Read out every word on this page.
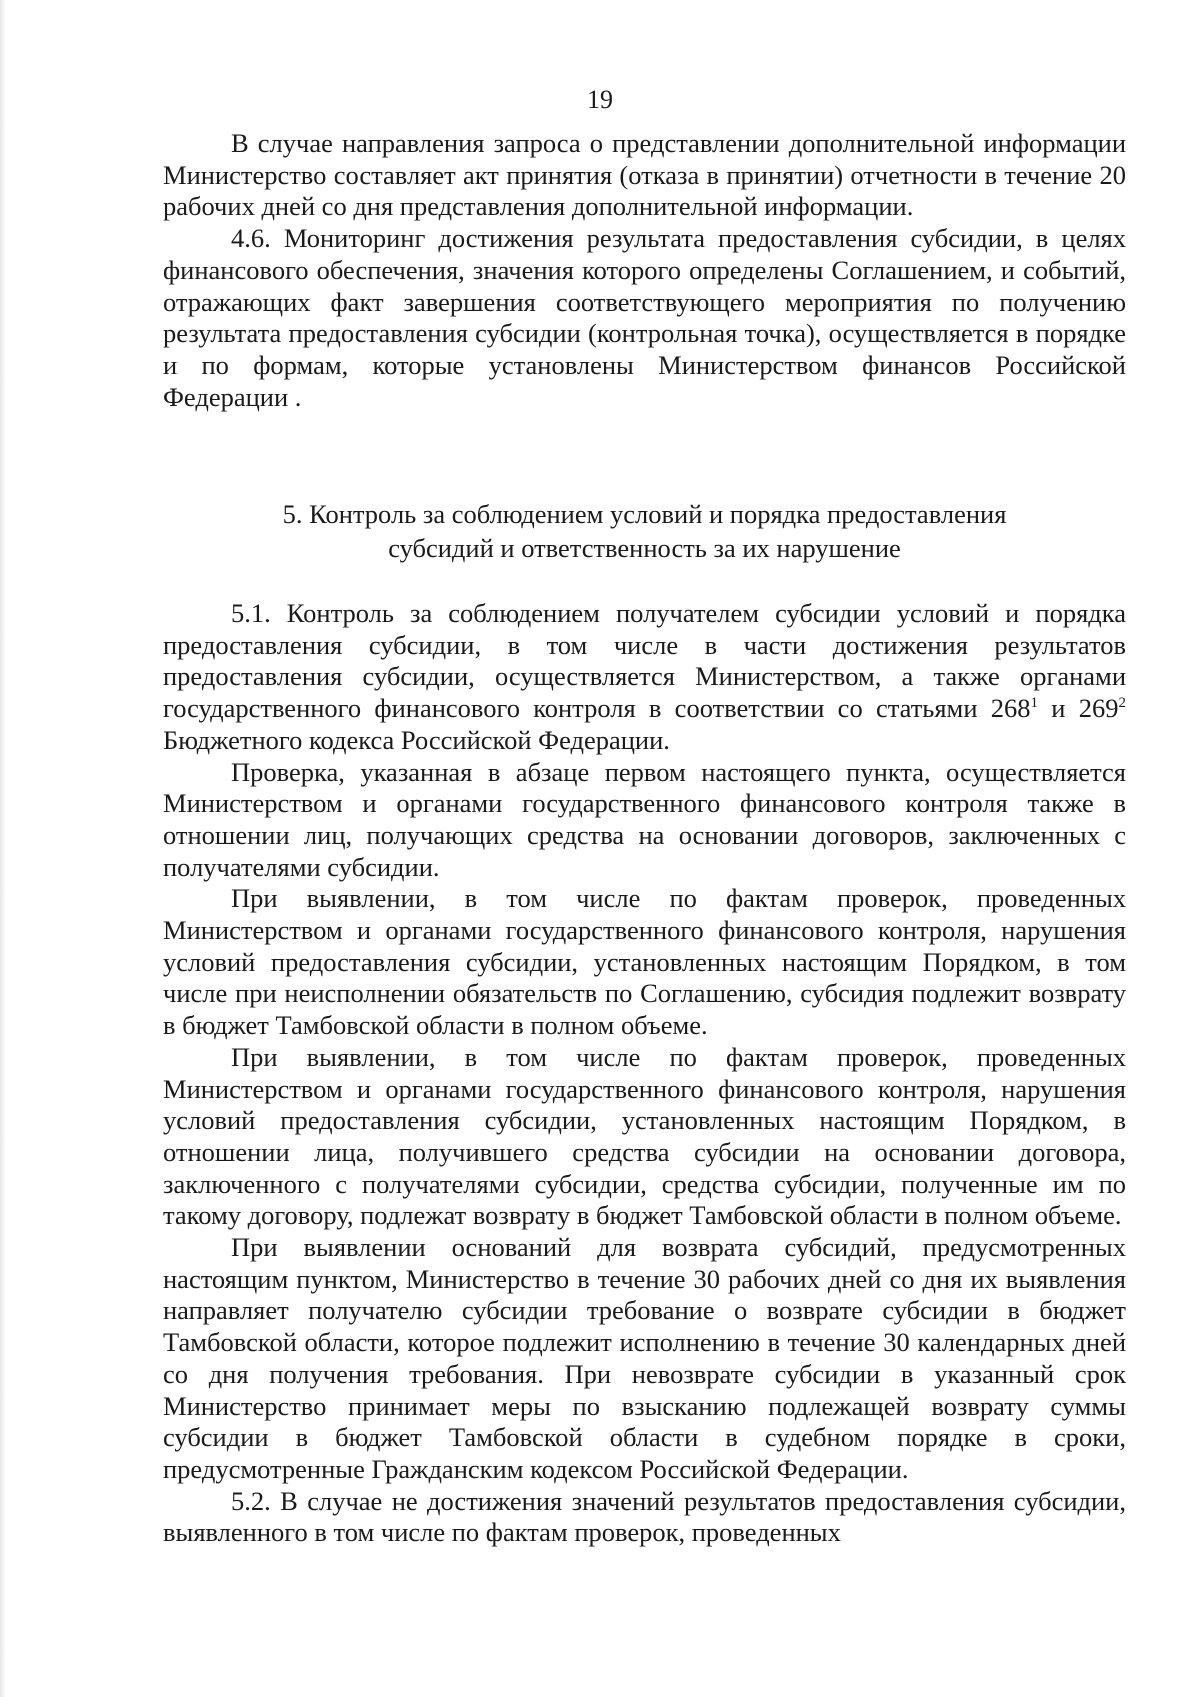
19

В случае направления запроса о представлении дополнительной информации Министерство составляет акт принятия (отказа в принятии) отчетности в течение 20 рабочих дней со дня представления дополнительной информации.

4.6. Мониторинг достижения результата предоставления субсидии, в целях финансового обеспечения, значения которого определены Соглашением, и событий, отражающих факт завершения соответствующего мероприятия по получению результата предоставления субсидии (контрольная точка), осуществляется в порядке и по формам, которые установлены Министерством финансов Российской Федерации .

5. Контроль за соблюдением условий и порядка предоставления
субсидий и ответственность за их нарушение

5.1. Контроль за соблюдением получателем субсидии условий и порядка предоставления субсидии, в том числе в части достижения результатов предоставления субсидии, осуществляется Министерством, а также органами государственного финансового контроля в соответствии со статьями $268^1$ и $269^2$ Бюджетного кодекса Российской Федерации.

Проверка, указанная в абзаце первом настоящего пункта, осуществляется Министерством и органами государственного финансового контроля также в отношении лиц, получающих средства на основании договоров, заключенных с получателями субсидии.

При выявлении, в том числе по фактам проверок, проведенных Министерством и органами государственного финансового контроля, нарушения условий предоставления субсидии, установленных настоящим Порядком, в том числе при неисполнении обязательств по Соглашению, субсидия подлежит возврату в бюджет Тамбовской области в полном объеме.

При выявлении, в том числе по фактам проверок, проведенных Министерством и органами государственного финансового контроля, нарушения условий предоставления субсидии, установленных настоящим Порядком, в отношении лица, получившего средства субсидии на основании договора, заключенного с получателями субсидии, средства субсидии, полученные им по такому договору, подлежат возврату в бюджет Тамбовской области в полном объеме.

При выявлении оснований для возврата субсидий, предусмотренных настоящим пунктом, Министерство в течение 30 рабочих дней со дня их выявления направляет получателю субсидии требование о возврате субсидии в бюджет Тамбовской области, которое подлежит исполнению в течение 30 календарных дней со дня получения требования. При невозврате субсидии в указанный срок Министерство принимает меры по взысканию подлежащей возврату суммы субсидии в бюджет Тамбовской области в судебном порядке в сроки, предусмотренные Гражданским кодексом Российской Федерации.

5.2. В случае не достижения значений результатов предоставления субсидии, выявленного в том числе по фактам проверок, проведенных
